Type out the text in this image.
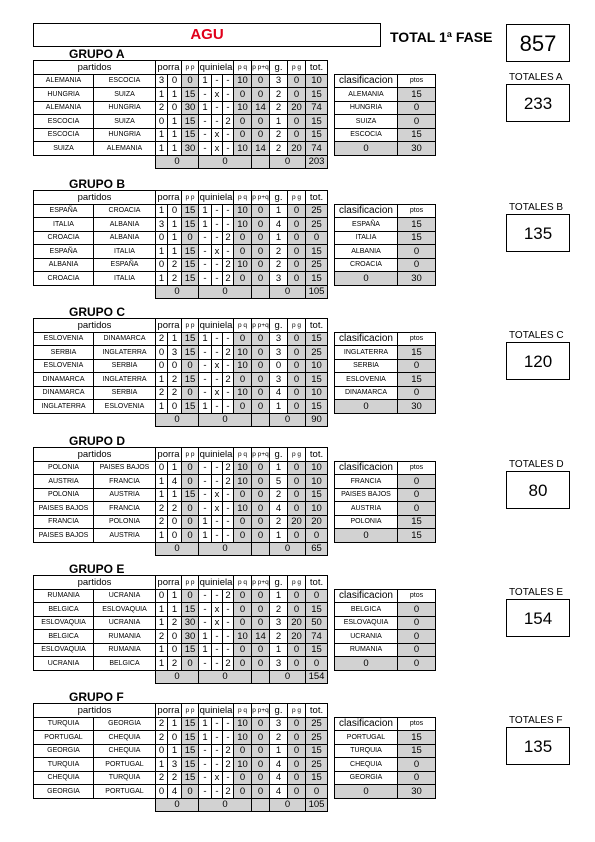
AGU	TOTAL 1ª FASE	857
GRUPO A
partidos		porra		p p	quiniela			p q	p p+q	g.	p g	tot.			
ALEMANIA	ESCOCIA	3	0	0	1	-	-	10	0	3	0	10		clasificacion	ptos
HUNGRIA	SUIZA	1	1	15	-	x	-	0	0	2	0	15		ALEMANIA	15
ALEMANIA	HUNGRIA	2	0	30	1	-	-	10	14	2	20	74		HUNGRIA	0
ESCOCIA	SUIZA	0	1	15	-	-	2	0	0	1	0	15		SUIZA	0
ESCOCIA	HUNGRIA	1	1	15	-	x	-	0	0	2	0	15		ESCOCIA	15
SUIZA	ALEMANIA	1	1	30	-	x	-	10	14	2	20	74		0	30
		0			0					0		203			
TOTALES A
233
GRUPO B
partidos		porra		p p	quiniela			p q	p p+q	g.	p g	tot.			
ESPAÑA	CROACIA	1	0	15	1	-	-	10	0	1	0	25		clasificacion	ptos
ITALIA	ALBANIA	3	1	15	1	-	-	10	0	4	0	25		ESPAÑA	15
CROACIA	ALBANIA	0	1	0	-	-	2	0	0	1	0	0		ITALIA	15
ESPAÑA	ITALIA	1	1	15	-	x	-	0	0	2	0	15		ALBANIA	0
ALBANIA	ESPAÑA	0	2	15	-	-	2	10	0	2	0	25		CROACIA	0
CROACIA	ITALIA	1	2	15	-	-	2	0	0	3	0	15		0	30
		0			0					0		105			
TOTALES B
135
GRUPO C
partidos		porra		p p	quiniela			p q	p p+q	g.	p g	tot.			
ESLOVENIA	DINAMARCA	2	1	15	1	-	-	0	0	3	0	15		clasificacion	ptos
SERBIA	INGLATERRA	0	3	15	-	-	2	10	0	3	0	25		INGLATERRA	15
ESLOVENIA	SERBIA	0	0	0	-	x	-	10	0	0	0	10		SERBIA	0
DINAMARCA	INGLATERRA	1	2	15	-	-	2	0	0	3	0	15		ESLOVENIA	15
DINAMARCA	SERBIA	2	2	0	-	x	-	10	0	4	0	10		DINAMARCA	0
INGLATERRA	ESLOVENIA	1	0	15	1	-	-	0	0	1	0	15		0	30
		0			0					0		90			
TOTALES C
120
GRUPO D
partidos		porra		p p	quiniela			p q	p p+q	g.	p g	tot.			
POLONIA	PAISES BAJOS	0	1	0	-	-	2	10	0	1	0	10		clasificacion	ptos
AUSTRIA	FRANCIA	1	4	0	-	-	2	10	0	5	0	10		FRANCIA	0
POLONIA	AUSTRIA	1	1	15	-	x	-	0	0	2	0	15		PAISES BAJOS	0
PAISES BAJOS	FRANCIA	2	2	0	-	x	-	10	0	4	0	10		AUSTRIA	0
FRANCIA	POLONIA	2	0	0	1	-	-	0	0	2	20	20		POLONIA	15
PAISES BAJOS	AUSTRIA	1	0	0	1	-	-	0	0	1	0	0		0	15
		0			0					0		65			
TOTALES D
80
GRUPO E
partidos		porra		p p	quiniela			p q	p p+q	g.	p g	tot.			
RUMANIA	UCRANIA	0	1	0	-	-	2	0	0	1	0	0		clasificacion	ptos
BELGICA	ESLOVAQUIA	1	1	15	-	x	-	0	0	2	0	15		BELGICA	0
ESLOVAQUIA	UCRANIA	1	2	30	-	x	-	0	0	3	20	50		ESLOVAQUIA	0
BELGICA	RUMANIA	2	0	30	1	-	-	10	14	2	20	74		UCRANIA	0
ESLOVAQUIA	RUMANIA	1	0	15	1	-	-	0	0	1	0	15		RUMANIA	0
UCRANIA	BELGICA	1	2	0	-	-	2	0	0	3	0	0		0	0
		0			0					0		154			
TOTALES E
154
GRUPO F
partidos		porra		p p	quiniela			p q	p p+q	g.	p g	tot.			
TURQUIA	GEORGIA	2	1	15	1	-	-	10	0	3	0	25		clasificacion	ptos
PORTUGAL	CHEQUIA	2	0	15	1	-	-	10	0	2	0	25		PORTUGAL	15
GEORGIA	CHEQUIA	0	1	15	-	-	2	0	0	1	0	15		TURQUIA	15
TURQUIA	PORTUGAL	1	3	15	-	-	2	10	0	4	0	25		CHEQUIA	0
CHEQUIA	TURQUIA	2	2	15	-	x	-	0	0	4	0	15		GEORGIA	0
GEORGIA	PORTUGAL	0	4	0	-	-	2	0	0	4	0	0		0	30
		0			0					0		105			
TOTALES F
135
